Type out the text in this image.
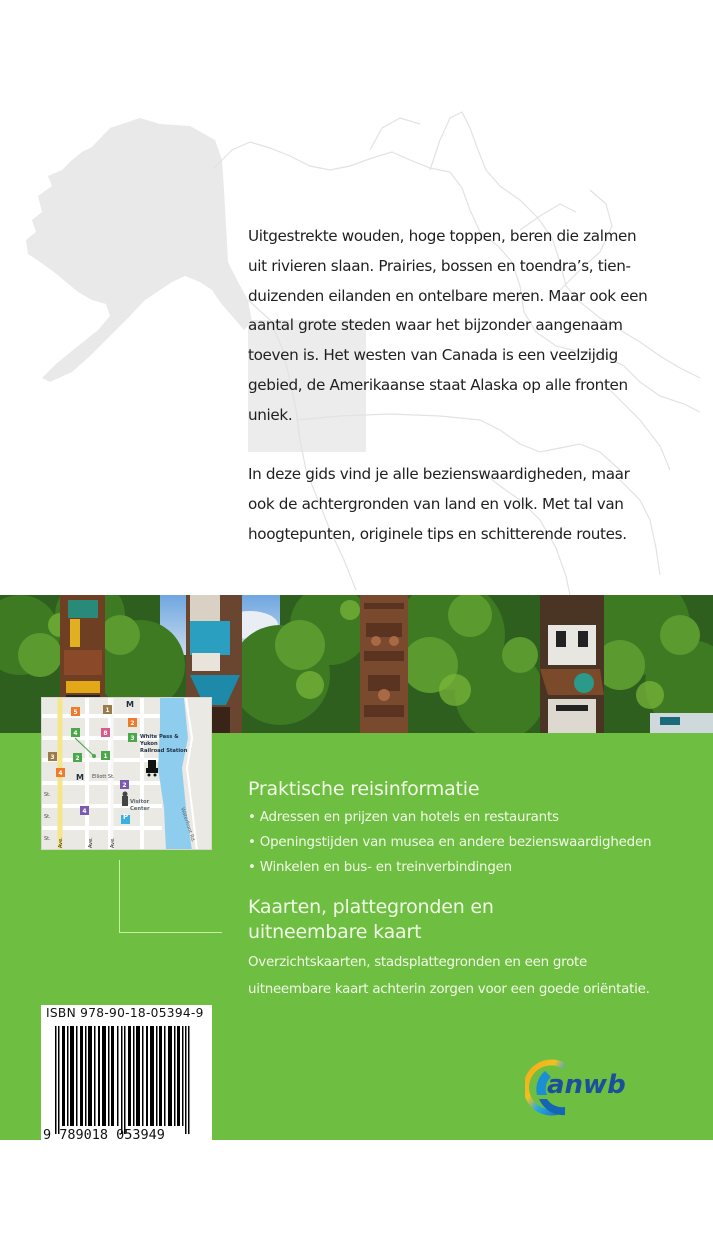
Uitgestrekte wouden, hoge toppen, beren die zalmen
uit rivieren slaan. Prairies, bossen en toendra’s, tien-
duizenden eilanden en ontelbare meren. Maar ook een
aantal grote steden waar het bijzonder aangenaam
toeven is. Het westen van Canada is een veelzijdig
gebied, de Amerikaanse staat Alaska op alle fronten
uniek.

In deze gids vind je alle bezienswaardigheden, maar
ook de achtergronden van land en volk. Met tal van
hoogtepunten, originele tips en schitterende routes.

5	1
2
4	8
3
3	2	1
4
2
4
White Pass &
Yukon
Railroad Station
Visitor
Center
M
M Elliott St.
St.
St.
St.
P
Ave.	Ave.	Ave.	Waterfront Rd.
Praktische reisinformatie
• Adressen en prijzen van hotels en restaurants
• Openingstijden van musea en andere bezienswaardigheden
• Winkelen en bus- en treinverbindingen
Kaarten, plattegronden en
uitneembare kaart
Overzichtskaarten, stadsplattegronden en een grote
uitneembare kaart achterin zorgen voor een goede oriëntatie.
ISBN 978-90-18-05394-9
9 789018 053949
anwb
